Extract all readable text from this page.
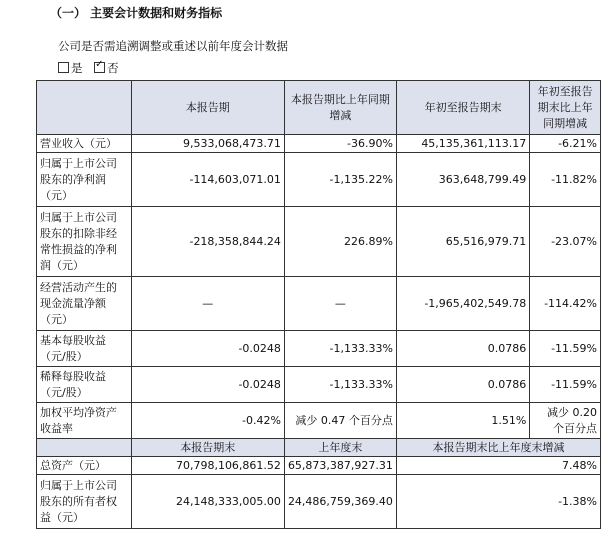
（一） 主要会计数据和财务指标
公司是否需追溯调整或重述以前年度会计数据
是 ✓ 否
	本报告期	本报告期比上年同期增减	年初至报告期末	年初至报告期末比上年同期增减
营业收入（元）	9,533,068,473.71	-36.90%	45,135,361,113.17	-6.21%
归属于上市公司股东的净利润（元）	-114,603,071.01	-1,135.22%	363,648,799.49	-11.82%
归属于上市公司股东的扣除非经常性损益的净利润（元）	-218,358,844.24	226.89%	65,516,979.71	-23.07%
经营活动产生的现金流量净额（元）	—	—	-1,965,402,549.78	-114.42%
基本每股收益（元/股）	-0.0248	-1,133.33%	0.0786	-11.59%
稀释每股收益（元/股）	-0.0248	-1,133.33%	0.0786	-11.59%
加权平均净资产收益率	-0.42%	减少 0.47 个百分点	1.51%	减少 0.20 个百分点
	本报告期末	上年度末	本报告期末比上年度末增减	
总资产（元）	70,798,106,861.52	65,873,387,927.31	7.48%	
归属于上市公司股东的所有者权益（元）	24,148,333,005.00	24,486,759,369.40	-1.38%	
